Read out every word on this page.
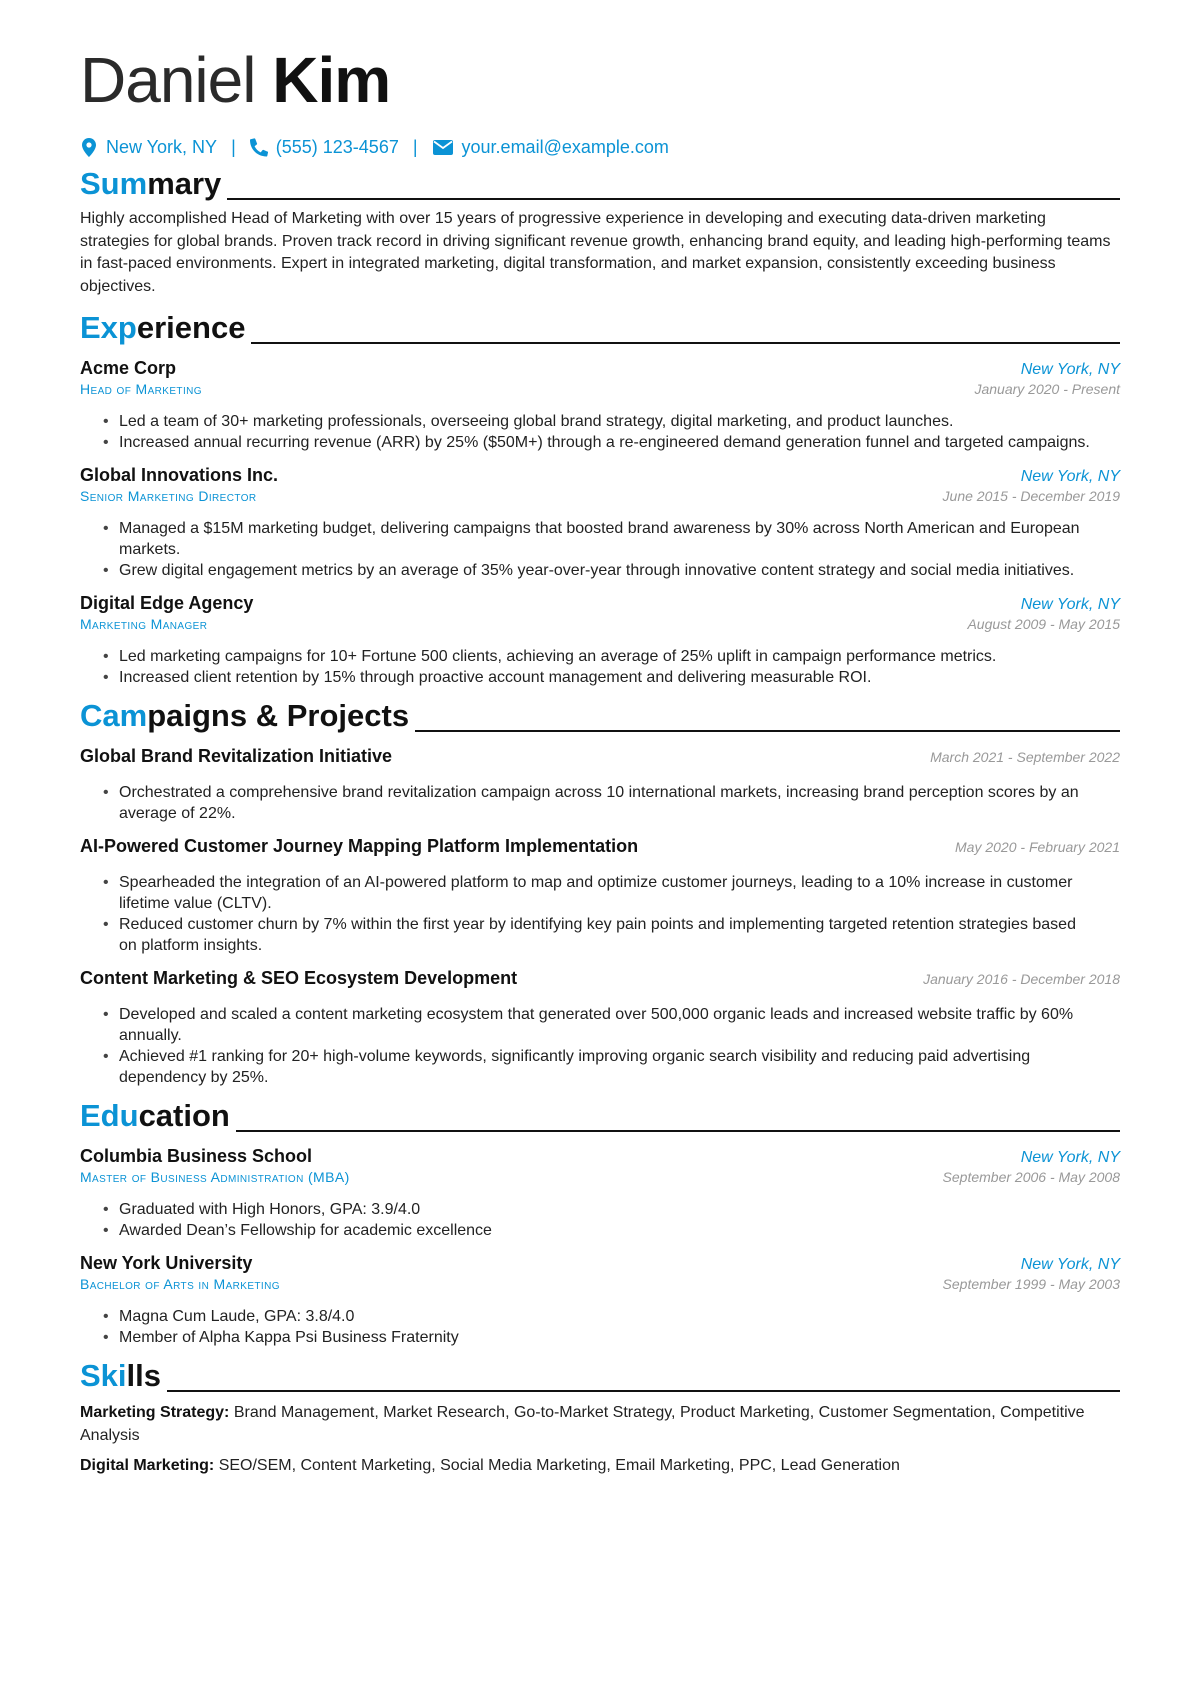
Daniel Kim
New York, NY | (555) 123-4567 | your.email@example.com
Sum mary
Highly accomplished Head of Marketing with over 15 years of progressive experience in developing and executing data-driven marketing strategies for global brands. Proven track record in driving significant revenue growth, enhancing brand equity, and leading high-performing teams in fast-paced environments. Expert in integrated marketing, digital transformation, and market expansion, consistently exceeding business objectives.
Exp erience
Acme Corp	New York, NY
Head of Marketing	January 2020 - Present
• Led a team of 30+ marketing professionals, overseeing global brand strategy, digital marketing, and product launches.
• Increased annual recurring revenue (ARR) by 25% ($50M+) through a re-engineered demand generation funnel and targeted campaigns.
Global Innovations Inc.	New York, NY
Senior Marketing Director	June 2015 - December 2019
• Managed a $15M marketing budget, delivering campaigns that boosted brand awareness by 30% across North American and European markets.
• Grew digital engagement metrics by an average of 35% year-over-year through innovative content strategy and social media initiatives.
Digital Edge Agency	New York, NY
Marketing Manager	August 2009 - May 2015
• Led marketing campaigns for 10+ Fortune 500 clients, achieving an average of 25% uplift in campaign performance metrics.
• Increased client retention by 15% through proactive account management and delivering measurable ROI.
Cam paigns & Projects
Global Brand Revitalization Initiative	March 2021 - September 2022
• Orchestrated a comprehensive brand revitalization campaign across 10 international markets, increasing brand perception scores by an average of 22%.
AI-Powered Customer Journey Mapping Platform Implementation	May 2020 - February 2021
• Spearheaded the integration of an AI-powered platform to map and optimize customer journeys, leading to a 10% increase in customer lifetime value (CLTV).
• Reduced customer churn by 7% within the first year by identifying key pain points and implementing targeted retention strategies based on platform insights.
Content Marketing & SEO Ecosystem Development	January 2016 - December 2018
• Developed and scaled a content marketing ecosystem that generated over 500,000 organic leads and increased website traffic by 60% annually.
• Achieved #1 ranking for 20+ high-volume keywords, significantly improving organic search visibility and reducing paid advertising dependency by 25%.
Edu cation
Columbia Business School	New York, NY
Master of Business Administration (MBA)	September 2006 - May 2008
• Graduated with High Honors, GPA: 3.9/4.0
• Awarded Dean’s Fellowship for academic excellence
New York University	New York, NY
Bachelor of Arts in Marketing	September 1999 - May 2003
• Magna Cum Laude, GPA: 3.8/4.0
• Member of Alpha Kappa Psi Business Fraternity
Ski lls
Marketing Strategy: Brand Management, Market Research, Go-to-Market Strategy, Product Marketing, Customer Segmentation, Competitive Analysis
Digital Marketing: SEO/SEM, Content Marketing, Social Media Marketing, Email Marketing, PPC, Lead Generation
